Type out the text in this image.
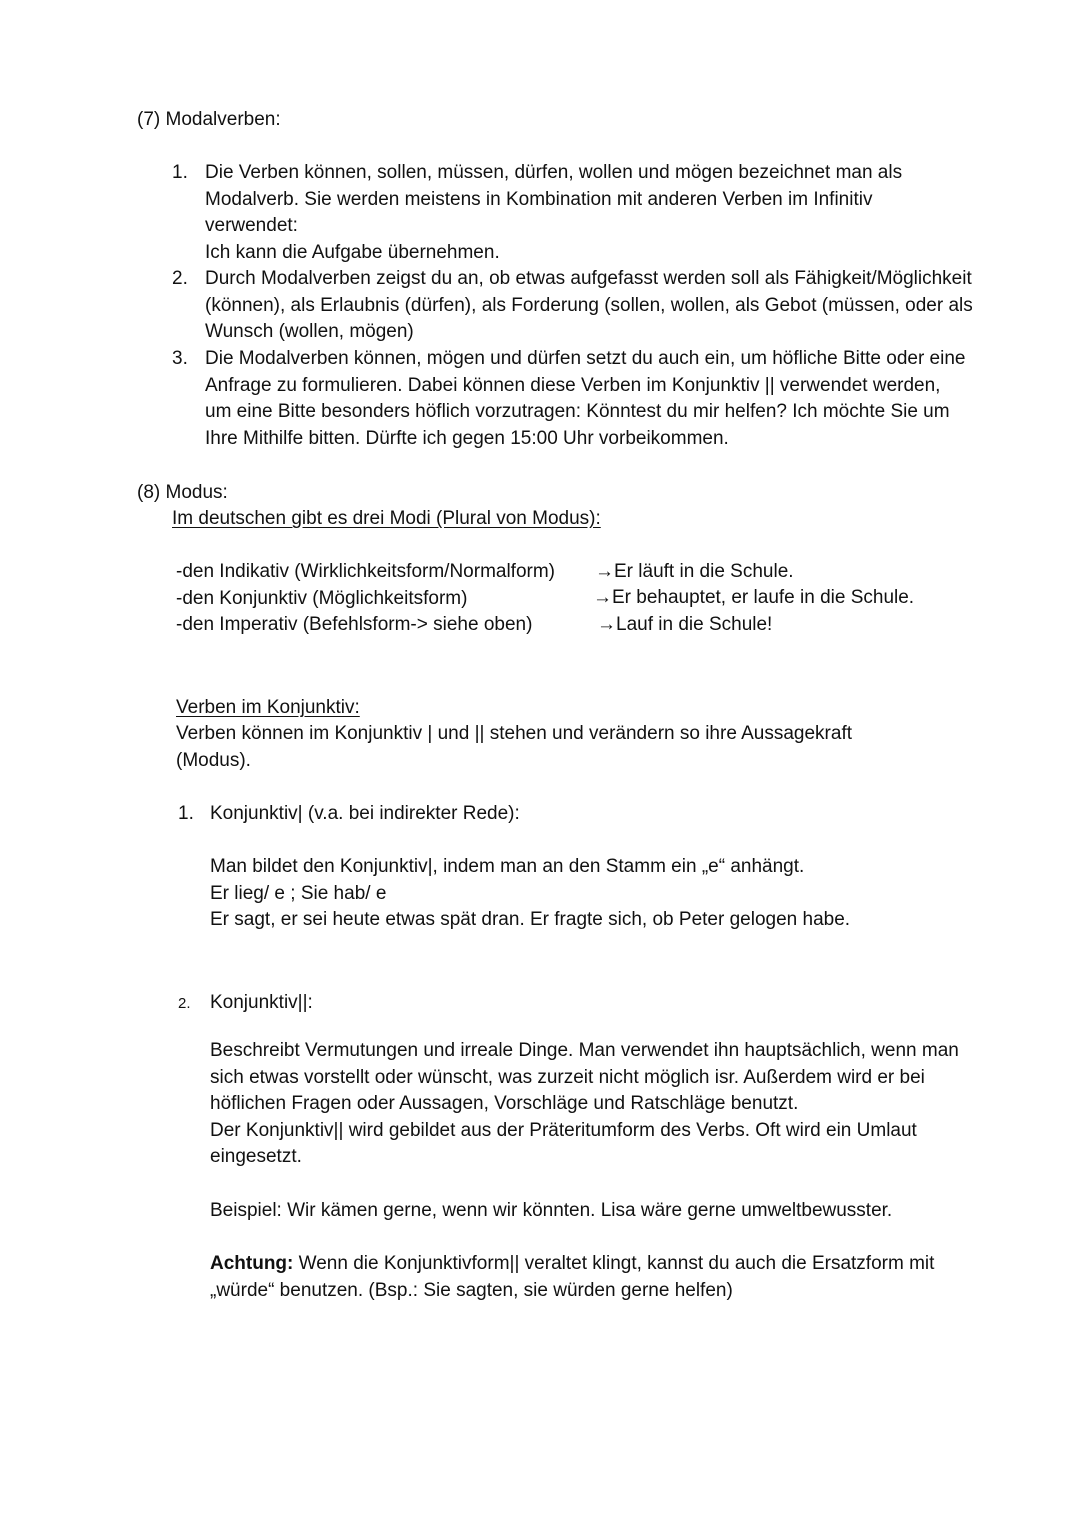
(7) Modalverben:
1. Die Verben können, sollen, müssen, dürfen, wollen und mögen bezeichnet man als

Modalverb. Sie werden meistens in Kombination mit anderen Verben im Infinitiv

verwendet:

Ich kann die Aufgabe übernehmen.

2. Durch Modalverben zeigst du an, ob etwas aufgefasst werden soll als Fähigkeit/Möglichkeit

(können), als Erlaubnis (dürfen), als Forderung (sollen, wollen, als Gebot (müssen, oder als

Wunsch (wollen, mögen)

3. Die Modalverben können, mögen und dürfen setzt du auch ein, um höfliche Bitte oder eine

Anfrage zu formulieren. Dabei können diese Verben im Konjunktiv || verwendet werden,

um eine Bitte besonders höflich vorzutragen: Könntest du mir helfen? Ich möchte Sie um

Ihre Mithilfe bitten. Dürfte ich gegen 15:00 Uhr vorbeikommen.

(8) Modus:
Im deutschen gibt es drei Modi (Plural von Modus):

-den Indikativ (Wirklichkeitsform/Normalform)

-den Konjunktiv (Möglichkeitsform)

-den Imperativ (Befehlsform-> siehe oben)

→Er läuft in die Schule.
→Er behauptet, er laufe in die Schule.
→Lauf in die Schule!
Verben im Konjunktiv:

Verben können im Konjunktiv | und || stehen und verändern so ihre Aussagekraft

(Modus).

1. Konjunktiv| (v.a. bei indirekter Rede):

Man bildet den Konjunktiv|, indem man an den Stamm ein „e“ anhängt.

Er lieg/ e ; Sie hab/ e

Er sagt, er sei heute etwas spät dran. Er fragte sich, ob Peter gelogen habe.

2. Konjunktiv||:

Beschreibt Vermutungen und irreale Dinge. Man verwendet ihn hauptsächlich, wenn man

sich etwas vorstellt oder wünscht, was zurzeit nicht möglich isr. Außerdem wird er bei

höflichen Fragen oder Aussagen, Vorschläge und Ratschläge benutzt.

Der Konjunktiv|| wird gebildet aus der Präteritumform des Verbs. Oft wird ein Umlaut

eingesetzt.

Beispiel: Wir kämen gerne, wenn wir könnten. Lisa wäre gerne umweltbewusster.

Achtung: Wenn die Konjunktivform|| veraltet klingt, kannst du auch die Ersatzform mit

„würde“ benutzen. (Bsp.: Sie sagten, sie würden gerne helfen)
